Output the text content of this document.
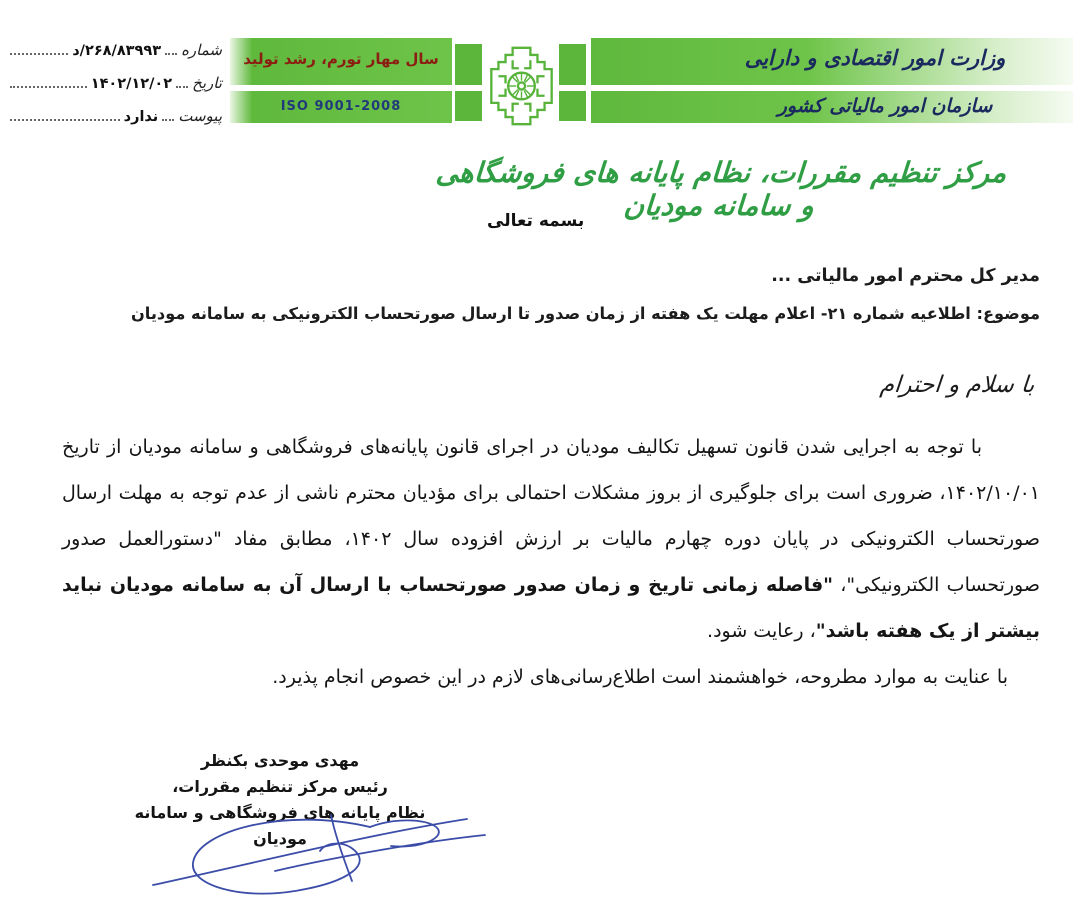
شماره
۲۶۸/۸۳۹۹۳/د
تاریخ
۱۴۰۲/۱۲/۰۲
پیوست
ندارد
سال مهار تورم، رشد تولید
ISO 9001-2008
وزارت امور اقتصادی و دارایی
سازمان امور مالیاتی کشور
مرکز تنظیم مقررات، نظام پایانه های فروشگاهی و سامانه مودیان
بسمه تعالی
مدیر کل محترم امور مالیاتی ...
موضوع: اطلاعیه شماره ۲۱- اعلام مهلت یک هفته از زمان صدور تا ارسال صورتحساب الکترونیکی به سامانه مودیان
با سلام و احترام

با توجه به اجرایی شدن قانون تسهیل تکالیف مودیان در اجرای قانون پایانه‌های فروشگاهی و سامانه مودیان از تاریخ ۱۴۰۲/۱۰/۰۱، ضروری است برای جلوگیری از بروز مشکلات احتمالی برای مؤدیان محترم ناشی از عدم توجه به مهلت ارسال صورتحساب الکترونیکی در پایان دوره چهارم مالیات بر ارزش افزوده سال ۱۴۰۲، مطابق مفاد "دستورالعمل صدور صورتحساب الکترونیکی"، "فاصله زمانی تاریخ و زمان صدور صورتحساب با ارسال آن به سامانه مودیان نباید بیشتر از یک هفته باشد"، رعایت شود.

با عنایت به موارد مطروحه، خواهشمند است اطلاع‌رسانی‌های لازم در این خصوص انجام پذیرد.

مهدی موحدی بکنظر
رئیس مرکز تنظیم مقررات،
نظام پایانه های فروشگاهی و سامانه مودیان
